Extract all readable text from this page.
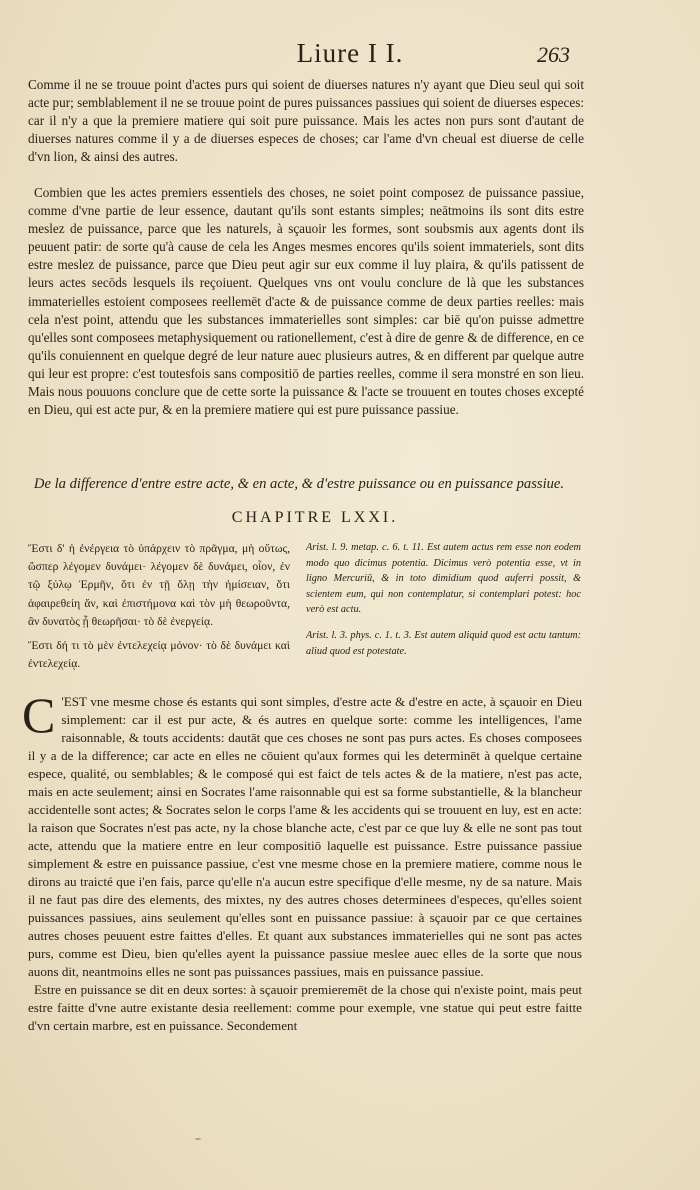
Liure I I.	263
Comme il ne se trouue point d'actes purs qui soient de diuerses natures n'y ayant que Dieu seul qui soit acte pur; semblablement il ne se trouue point de pures puissances passiues qui soient de diuerses especes: car il n'y a que la premiere matiere qui soit pure puissance. Mais les actes non purs sont d'autant de diuerses natures comme il y a de diuerses especes de choses; car l'ame d'vn cheual est diuerse de celle d'vn lion, & ainsi des autres.
Combien que les actes premiers essentiels des choses, ne soiet point composez de puissance passiue, comme d'vne partie de leur essence, dautant qu'ils sont estants simples; neātmoins ils sont dits estre meslez de puissance, parce que les naturels, à sçauoir les formes, sont soubsmis aux agents dont ils peuuent patir: de sorte qu'à cause de cela les Anges mesmes encores qu'ils soient immateriels, sont dits estre meslez de puissance, parce que Dieu peut agir sur eux comme il luy plaira, & qu'ils patissent de leurs actes secōds lesquels ils reçoiuent. Quelques vns ont voulu conclure de là que les substances immaterielles estoient composees reellemēt d'acte & de puissance comme de deux parties reelles: mais cela n'est point, attendu que les substances immaterielles sont simples: car biē qu'on puisse admettre qu'elles sont composees metaphysiquement ou rationellement, c'est à dire de genre & de difference, en ce qu'ils conuiennent en quelque degré de leur nature auec plusieurs autres, & en different par quelque autre qui leur est propre: c'est toutesfois sans compositiō de parties reelles, comme il sera monstré en son lieu. Mais nous pouuons conclure que de cette sorte la puissance & l'acte se trouuent en toutes choses excepté en Dieu, qui est acte pur, & en la premiere matiere qui est pure puissance passiue.
De la difference d'entre estre acte, & en acte, & d'estre puissance ou en puissance passiue.
CHAPITRE LXXI.

Ἔστι δ' ἡ ἐνέργεια τὸ ὑπάρχειν τὸ πρᾶγμα, μὴ οὕτως, ὥσπερ λέγομεν δυνάμει· λέγομεν δὲ δυνάμει, οἷον, ἐν τῷ ξύλῳ Ἑρμῆν, ὅτι ἐν τῇ ὅλῃ τὴν ἡμίσειαν, ὅτι ἀφαιρεθείη ἄν, καὶ ἐπιστήμονα καὶ τὸν μὴ θεωροῦντα, ἂν δυνατὸς ᾖ θεωρῆσαι· τὸ δὲ ἐνεργείᾳ.

Ἔστι δή τι τὸ μὲν ἐντελεχείᾳ μόνον· τὸ δὲ δυνάμει καὶ ἐντελεχείᾳ.

Arist. l. 9. metap. c. 6. t. 11. Est autem actus rem esse non eodem modo quo dicimus potentia. Dicimus verò potentia esse, vt in ligno Mercuriū, & in toto dimidium quod auferri possit, & scientem eum, qui non contemplatur, si contemplari potest: hoc verò est actu.

Arist. l. 3. phys. c. 1. t. 3. Est autem aliquid quod est actu tantum: aliud quod est potestate.

C 'EST vne mesme chose és estants qui sont simples, d'estre acte & d'estre en acte, à sçauoir en Dieu simplement: car il est pur acte, & és autres en quelque sorte: comme les intelligences, l'ame raisonnable, & touts accidents: dautāt que ces choses ne sont pas purs actes. Es choses composees il y a de la difference; car acte en elles ne cōuient qu'aux formes qui les determinēt à quelque certaine espece, qualité, ou semblables; & le composé qui est faict de tels actes & de la matiere, n'est pas acte, mais en acte seulement; ainsi en Socrates l'ame raisonnable qui est sa forme substantielle, & la blancheur accidentelle sont actes; & Socrates selon le corps l'ame & les accidents qui se trouuent en luy, est en acte: la raison que Socrates n'est pas acte, ny la chose blanche acte, c'est par ce que luy & elle ne sont pas tout acte, attendu que la matiere entre en leur compositiō laquelle est puissance. Estre puissance passiue simplement & estre en puissance passiue, c'est vne mesme chose en la premiere matiere, comme nous le dirons au traicté que i'en fais, parce qu'elle n'a aucun estre specifique d'elle mesme, ny de sa nature. Mais il ne faut pas dire des elements, des mixtes, ny des autres choses determinees d'especes, qu'elles soient puissances passiues, ains seulement qu'elles sont en puissance passiue: à sçauoir par ce que certaines autres choses peuuent estre faittes d'elles. Et quant aux substances immaterielles qui ne sont pas actes purs, comme est Dieu, bien qu'elles ayent la puissance passiue meslee auec elles de la sorte que nous auons dit, neantmoins elles ne sont pas puissances passiues, mais en puissance passiue.

Estre en puissance se dit en deux sortes: à sçauoir premieremēt de la chose qui n'existe point, mais peut estre faitte d'vne autre existante desia reellement: comme pour exemple, vne statue qui peut estre faitte d'vn certain marbre, est en puissance. Secondement
